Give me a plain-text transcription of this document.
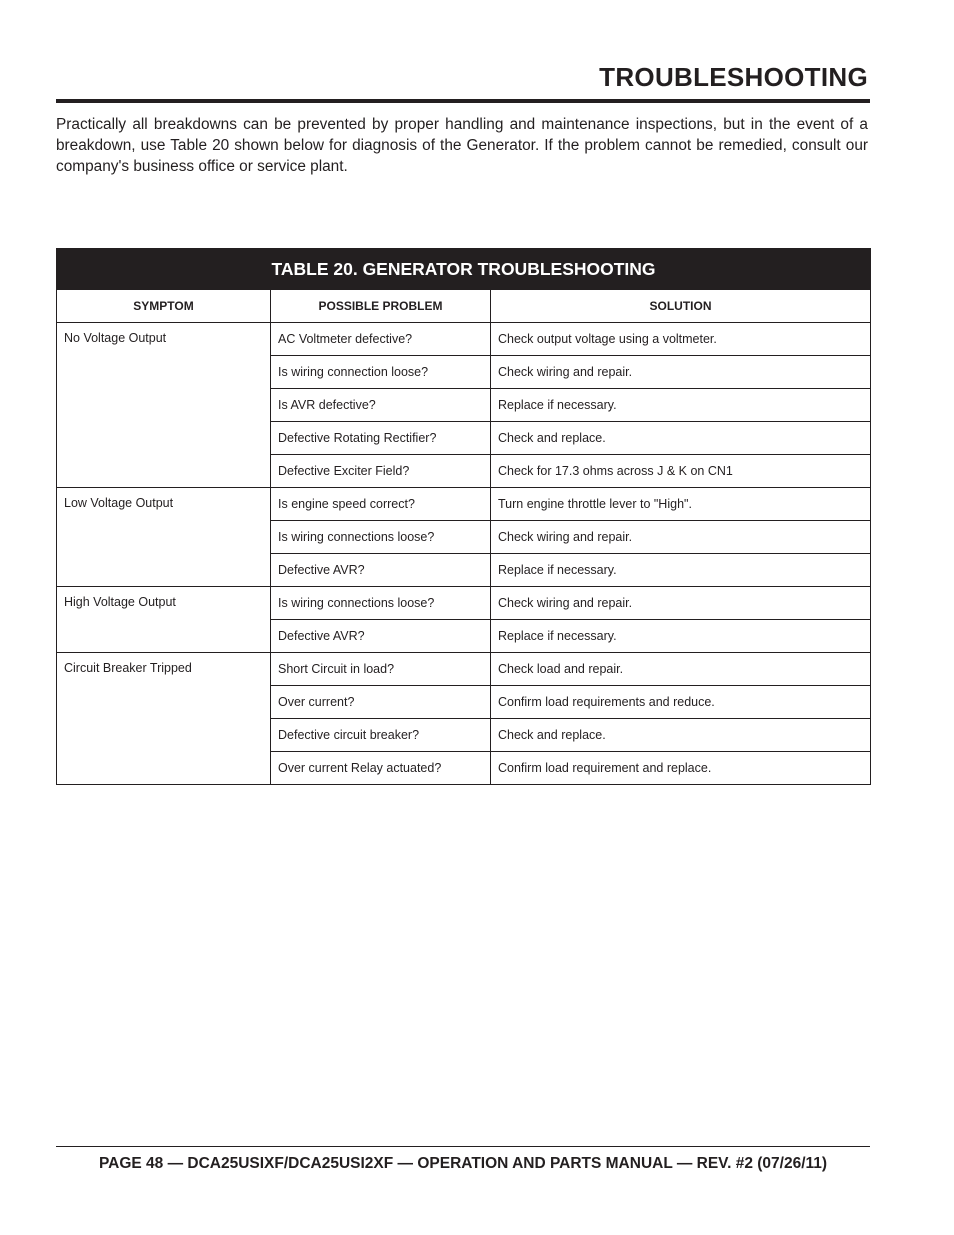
TROUBLESHOOTING

Practically all breakdowns can be prevented by proper handling and maintenance inspections, but in the event of a breakdown, use Table 20 shown below for diagnosis of the Generator. If the problem cannot be remedied, consult our company's business office or service plant.

TABLE 20. GENERATOR TROUBLESHOOTING		
SYMPTOM	POSSIBLE PROBLEM	SOLUTION
No Voltage Output	AC Voltmeter defective?	Check output voltage using a voltmeter.
	Is wiring connection loose?	Check wiring and repair.
	Is AVR defective?	Replace if necessary.
	Defective Rotating Rectifier?	Check and replace.
	Defective Exciter Field?	Check for 17.3 ohms across J & K on CN1
Low Voltage Output	Is engine speed correct?	Turn engine throttle lever to "High".
	Is wiring connections loose?	Check wiring and repair.
	Defective AVR?	Replace if necessary.
High Voltage Output	Is wiring connections loose?	Check wiring and repair.
	Defective AVR?	Replace if necessary.
Circuit Breaker Tripped	Short Circuit in load?	Check load and repair.
	Over current?	Confirm load requirements and reduce.
	Defective circuit breaker?	Check and replace.
	Over current Relay actuated?	Confirm load requirement and replace.
PAGE 48 — DCA25USIXF/DCA25USI2XF — OPERATION AND PARTS MANUAL — REV. #2 (07/26/11)
